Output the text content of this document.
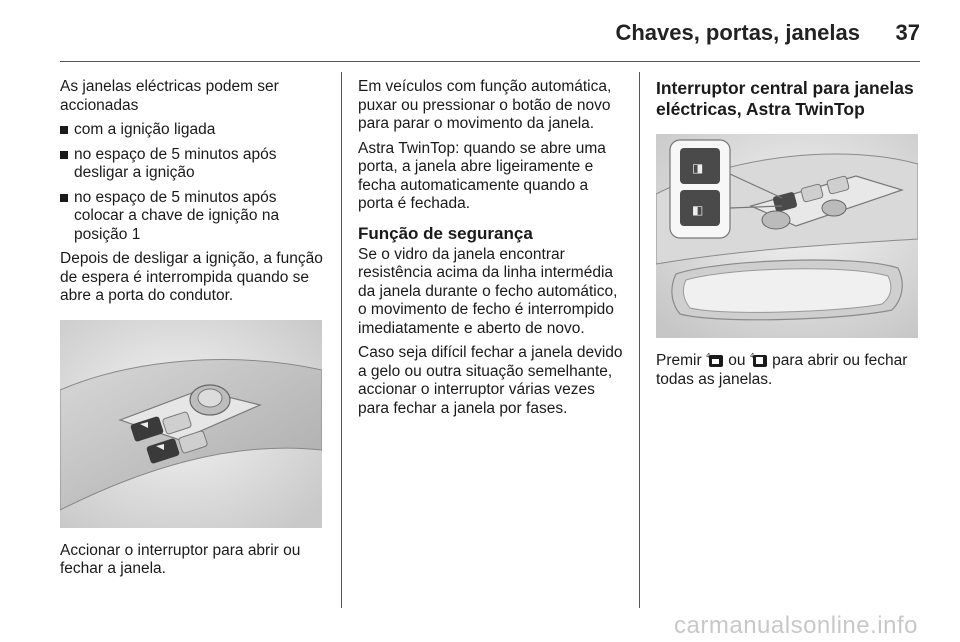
Chaves, portas, janelas 37

As janelas eléctricas podem ser accionadas

com a ignição ligada
no espaço de 5 minutos após desligar a ignição
no espaço de 5 minutos após colocar a chave de ignição na posição 1

Depois de desligar a ignição, a função de espera é interrompida quando se abre a porta do condutor.

Accionar o interruptor para abrir ou fechar a janela.

Em veículos com função automática, puxar ou pressionar o botão de novo para parar o movimento da janela.

Astra TwinTop: quando se abre uma porta, a janela abre ligeiramente e fecha automaticamente quando a porta é fechada.

Função de segurança

Se o vidro da janela encontrar resistência acima da linha intermédia da janela durante o fecho automático, o movimento de fecho é interrompido imediatamente e aberto de novo.

Caso seja difícil fechar a janela devido a gelo ou outra situação semelhante, accionar o interruptor várias vezes para fechar a janela por fases.

Interruptor central para janelas eléctricas, Astra TwinTop
◨
◧

Premir 4 ou 4 para abrir ou fechar todas as janelas.

carmanualsonline.info
